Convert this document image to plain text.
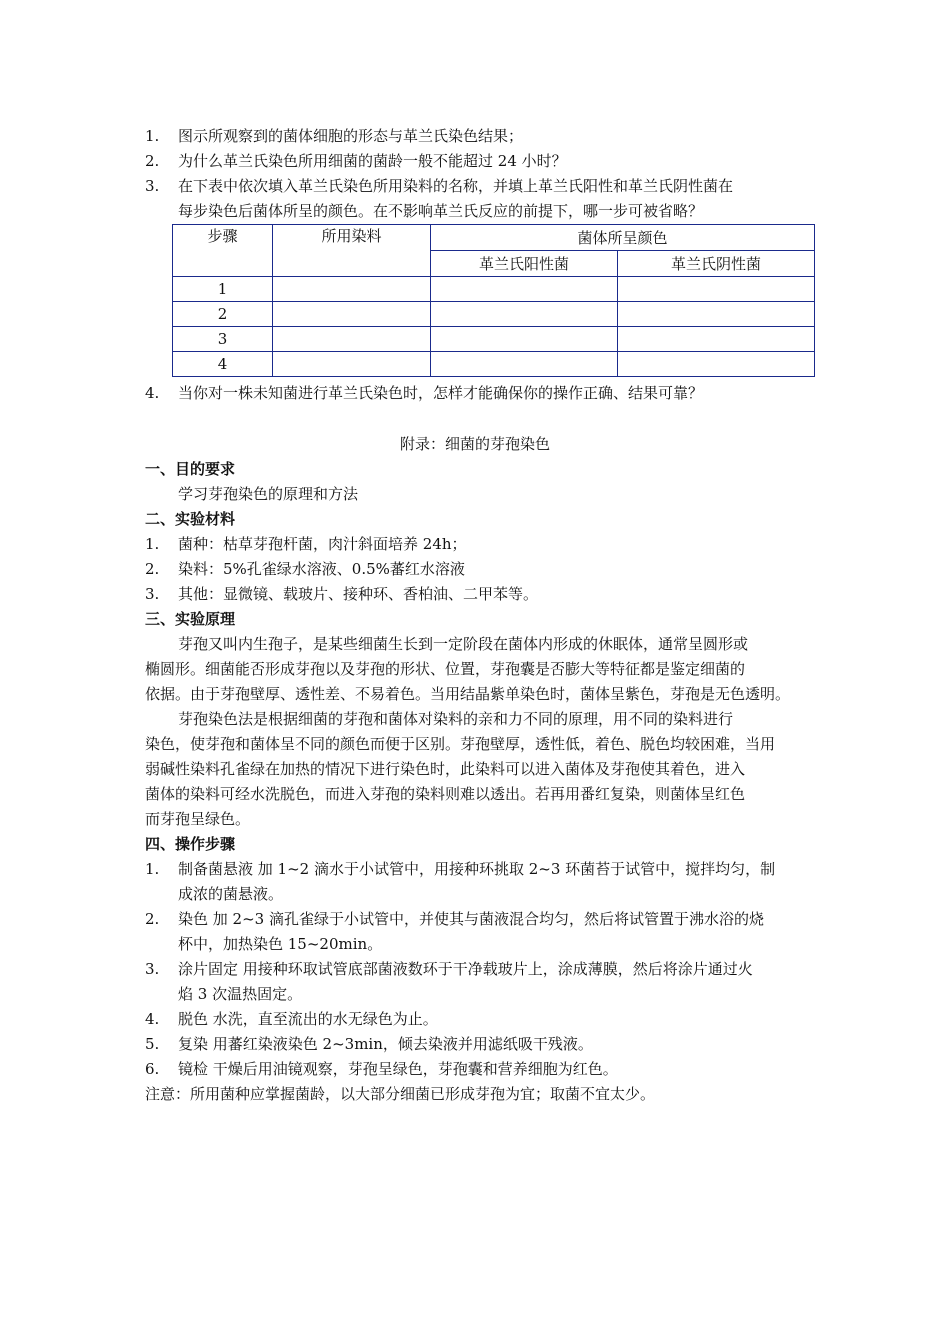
1.	图示所观察到的菌体细胞的形态与革兰氏染色结果；
2.	为什么革兰氏染色所用细菌的菌龄一般不能超过 24 小时？
3.	在下表中依次填入革兰氏染色所用染料的名称，并填上革兰氏阳性和革兰氏阴性菌在
每步染色后菌体所呈的颜色。在不影响革兰氏反应的前提下，哪一步可被省略？
步骤	所用染料	菌体所呈颜色	
		革兰氏阳性菌	革兰氏阴性菌
1			
2			
3			
4			
4.	当你对一株未知菌进行革兰氏染色时，怎样才能确保你的操作正确、结果可靠？
附录：细菌的芽孢染色
一、目的要求
学习芽孢染色的原理和方法
二、实验材料
1.	菌种：枯草芽孢杆菌，肉汁斜面培养 24h；
2.	染料：5%孔雀绿水溶液、0.5%蕃红水溶液
3.	其他：显微镜、载玻片、接种环、香柏油、二甲苯等。
三、实验原理
芽孢又叫内生孢子，是某些细菌生长到一定阶段在菌体内形成的休眠体，通常呈圆形或
椭圆形。细菌能否形成芽孢以及芽孢的形状、位置，芽孢囊是否膨大等特征都是鉴定细菌的
依据。由于芽孢壁厚、透性差、不易着色。当用结晶紫单染色时，菌体呈紫色，芽孢是无色透明。
芽孢染色法是根据细菌的芽孢和菌体对染料的亲和力不同的原理，用不同的染料进行
染色，使芽孢和菌体呈不同的颜色而便于区别。芽孢壁厚，透性低，着色、脱色均较困难，当用
弱碱性染料孔雀绿在加热的情况下进行染色时，此染料可以进入菌体及芽孢使其着色，进入
菌体的染料可经水洗脱色，而进入芽孢的染料则难以透出。若再用番红复染，则菌体呈红色
而芽孢呈绿色。
四、操作步骤
1.	制备菌悬液 加 1~2 滴水于小试管中，用接种环挑取 2~3 环菌苔于试管中，搅拌均匀，制
成浓的菌悬液。
2.	染色 加 2~3 滴孔雀绿于小试管中，并使其与菌液混合均匀，然后将试管置于沸水浴的烧
杯中，加热染色 15~20min。
3.	涂片固定 用接种环取试管底部菌液数环于干净载玻片上，涂成薄膜，然后将涂片通过火
焰 3 次温热固定。
4.	脱色 水洗，直至流出的水无绿色为止。
5.	复染 用蕃红染液染色 2~3min，倾去染液并用滤纸吸干残液。
6.	镜检 干燥后用油镜观察，芽孢呈绿色，芽孢囊和营养细胞为红色。
注意：所用菌种应掌握菌龄，以大部分细菌已形成芽孢为宜；取菌不宜太少。
